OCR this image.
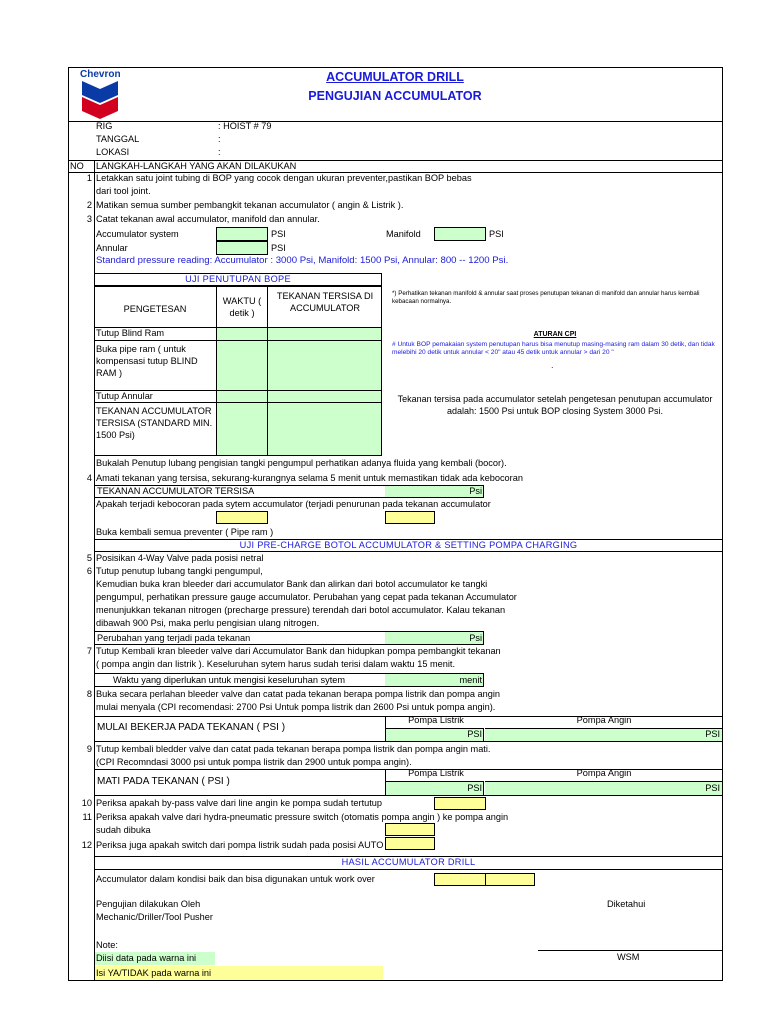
Chevron	ACCUMULATOR DRILL
PENGUJIAN ACCUMULATOR
RIG	: HOIST # 79
TANGGAL	:
LOKASI	:
NO LANGKAH-LANGKAH YANG AKAN DILAKUKAN
1 Letakkan satu joint tubing di BOP yang cocok dengan ukuran preventer,pastikan BOP bebas
dari tool joint.
2 Matikan semua sumber pembangkit tekanan accumulator ( angin & Listrik ).
3 Catat tekanan awal accumulator, manifold dan annular.
Accumulator system	PSI	Manifold	PSI
Annular	PSI
Standard pressure reading: Accumulator : 3000 Psi, Manifold: 1500 Psi, Annular: 800 -- 1200 Psi.
UJI PENUTUPAN BOPE
PENGETESAN
WAKTU ( detik )
TEKANAN TERSISA DI ACCUMULATOR
Tutup Blind Ram
Buka pipe ram ( untuk kompensasi tutup BLIND RAM )
Tutup Annular
TEKANAN ACCUMULATOR TERSISA (STANDARD MIN. 1500 Psi)
*) Perhatikan tekanan manifold & annular saat proses penutupan tekanan di manifold dan annular harus kembali kebacaan normalnya.
ATURAN CPI
# Untuk BOP pemakaian system penutupan harus bisa menutup masing-masing ram dalam 30 detik, dan tidak melebihi 20 detik untuk annular < 20" atau 45 detik untuk annular > dari 20 "
.
Tekanan tersisa pada accumulator setelah pengetesan penutupan accumulator adalah: 1500 Psi untuk BOP closing System 3000 Psi.
Bukalah Penutup lubang pengisian tangki pengumpul perhatikan adanya fluida yang kembali (bocor).
4 Amati tekanan yang tersisa, sekurang-kurangnya selama 5 menit untuk memastikan tidak ada kebocoran
TEKANAN ACCUMULATOR TERSISA	Psi
Apakah terjadi kebocoran pada sytem accumulator (terjadi penurunan pada tekanan accumulator
Buka kembali semua preventer ( Pipe ram )
UJI PRE-CHARGE BOTOL ACCUMULATOR & SETTING POMPA CHARGING
5 Posisikan 4-Way Valve pada posisi netral
6 Tutup penutup lubang tangki pengumpul,
Kemudian buka kran bleeder dari accumulator Bank dan alirkan dari botol accumulator ke tangki
pengumpul, perhatikan pressure gauge accumulator. Perubahan yang cepat pada tekanan Accumulator
menunjukkan tekanan nitrogen (precharge pressure) terendah dari botol accumulator. Kalau tekanan
dibawah 900 Psi, maka perlu pengisian ulang nitrogen.
Perubahan yang terjadi pada tekanan	Psi
7 Tutup Kembali kran bleeder valve dari Accumulator Bank dan hidupkan pompa pembangkit tekanan
( pompa angin dan listrik ). Keseluruhan sytem harus sudah terisi dalam waktu 15 menit.
Waktu yang diperlukan untuk mengisi keseluruhan sytem	menit
8 Buka secara perlahan bleeder valve dan catat pada tekanan berapa pompa listrik dan pompa angin
mulai menyala (CPI recomendasi: 2700 Psi Untuk pompa listrik dan 2600 Psi untuk pompa angin).
MULAI BEKERJA PADA TEKANAN ( PSI )
Pompa Listrik	Pompa Angin
PSI	PSI
9 Tutup kembali bledder valve dan catat pada tekanan berapa pompa listrik dan pompa angin mati.
(CPI Recomndasi 3000 psi untuk pompa listrik dan 2900 untuk pompa angin).
MATI PADA TEKANAN ( PSI )
Pompa Listrik	Pompa Angin
PSI	PSI
10 Periksa apakah by-pass valve dari line angin ke pompa sudah tertutup
11 Periksa apakah valve dari hydra-pneumatic pressure switch (otomatis pompa angin ) ke pompa angin
sudah dibuka
12 Periksa juga apakah switch dari pompa listrik sudah pada posisi AUTO
HASIL ACCUMULATOR DRILL
Accumulator dalam kondisi baik dan bisa digunakan untuk work over
Pengujian dilakukan Oleh
Mechanic/Driller/Tool Pusher
Diketahui
Note:
WSM
Diisi data pada warna ini
Isi YA/TIDAK pada warna ini
